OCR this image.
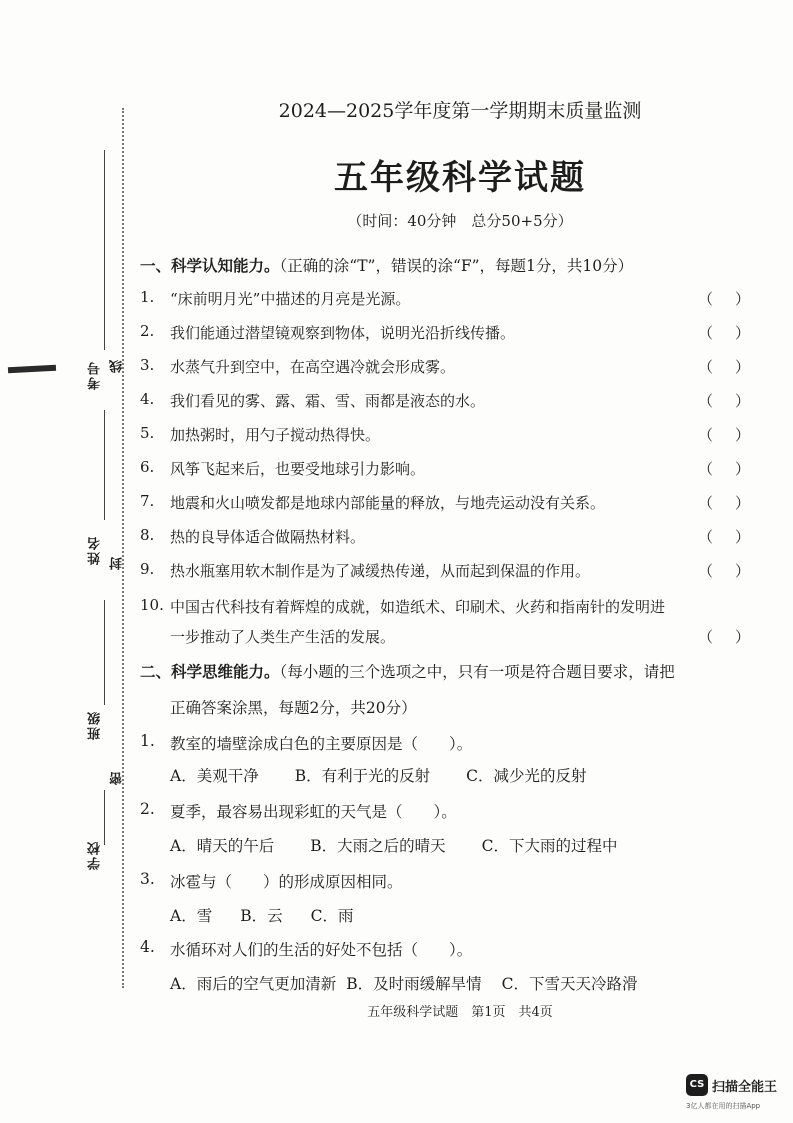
考号 线
姓名 封
班级
密
学校
2024—2025学年度第一学期期末质量监测
五年级科学试题
（时间：40分钟　总分50+5分）
一、科学认知能力。（正确的涂“T”，错误的涂“F”，每题1分，共10分）
1. “床前明月光”中描述的月亮是光源。	（ ）
2. 我们能通过潜望镜观察到物体，说明光沿折线传播。	（ ）
3. 水蒸气升到空中，在高空遇冷就会形成雾。	（ ）
4. 我们看见的雾、露、霜、雪、雨都是液态的水。	（ ）
5. 加热粥时，用勺子搅动热得快。	（ ）
6. 风筝飞起来后，也要受地球引力影响。	（ ）
7. 地震和火山喷发都是地球内部能量的释放，与地壳运动没有关系。	（ ）
8. 热的良导体适合做隔热材料。	（ ）
9. 热水瓶塞用软木制作是为了减缓热传递，从而起到保温的作用。	（ ）
10. 中国古代科技有着辉煌的成就，如造纸术、印刷术、火药和指南针的发明进
一步推动了人类生产生活的发展。	（ ）
二、科学思维能力。（每小题的三个选项之中，只有一项是符合题目要求，请把
正确答案涂黑，每题2分，共20分）
1. 教室的墙壁涂成白色的主要原因是（　　）。
A．美观干净 B．有利于光的反射 C．减少光的反射
2. 夏季，最容易出现彩虹的天气是（　　）。
A．晴天的午后 B．大雨之后的晴天 C．下大雨的过程中
3. 冰雹与（　　）的形成原因相同。
A．雪 B．云 C．雨
4. 水循环对人们的生活的好处不包括（　　）。
A．雨后的空气更加清新 B．及时雨缓解旱情 C．下雪天天冷路滑
五年级科学试题　第1页　共4页
CS 扫描全能王
3亿人都在用的扫描App
